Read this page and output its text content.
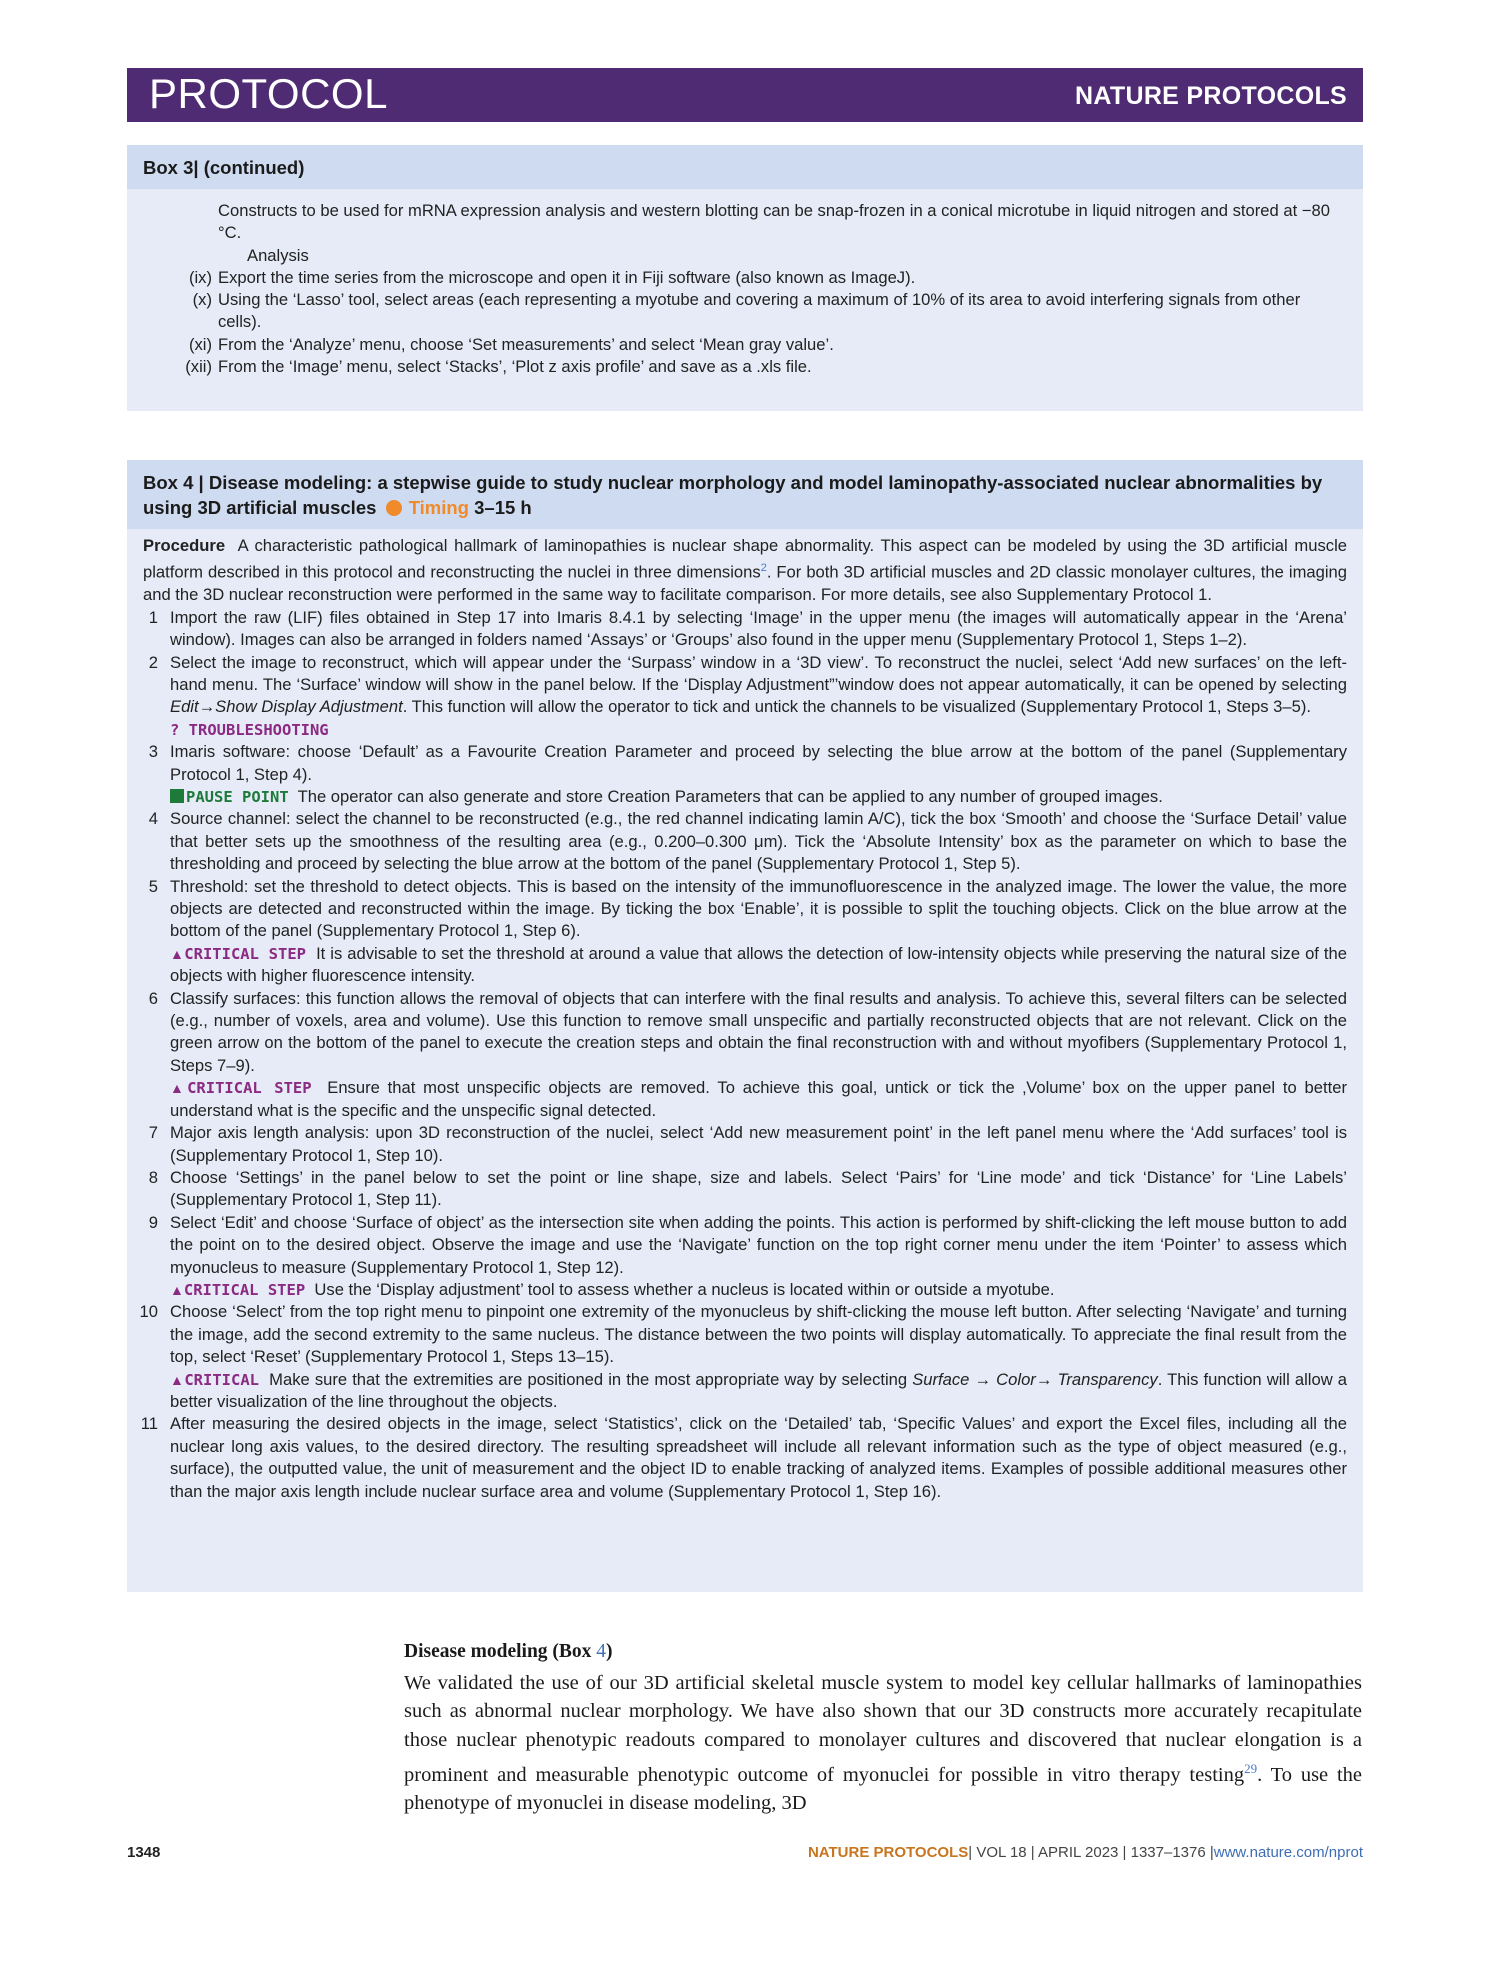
PROTOCOL	NATURE PROTOCOLS
Box 3| (continued)
Constructs to be used for mRNA expression analysis and western blotting can be snap-frozen in a conical microtube in liquid nitrogen and stored at −80 °C.
Analysis
(ix) Export the time series from the microscope and open it in Fiji software (also known as ImageJ).
(x) Using the ‘Lasso’ tool, select areas (each representing a myotube and covering a maximum of 10% of its area to avoid interfering signals from other cells).
(xi) From the ‘Analyze’ menu, choose ‘Set measurements’ and select ‘Mean gray value’.
(xii) From the ‘Image’ menu, select ‘Stacks’, ‘Plot z axis profile’ and save as a .xls file.
Box 4 | Disease modeling: a stepwise guide to study nuclear morphology and model laminopathy-associated nuclear abnormalities by using 3D artificial muscles Timing 3–15 h

Procedure A characteristic pathological hallmark of laminopathies is nuclear shape abnormality. This aspect can be modeled by using the 3D artificial muscle platform described in this protocol and reconstructing the nuclei in three dimensions$^2$. For both 3D artificial muscles and 2D classic monolayer cultures, the imaging and the 3D nuclear reconstruction were performed in the same way to facilitate comparison. For more details, see also Supplementary Protocol 1.

1 Import the raw (LIF) files obtained in Step 17 into Imaris 8.4.1 by selecting ‘Image’ in the upper menu (the images will automatically appear in the ‘Arena’ window). Images can also be arranged in folders named ‘Assays’ or ‘Groups’ also found in the upper menu (Supplementary Protocol 1, Steps 1–2).
2 Select the image to reconstruct, which will appear under the ‘Surpass’ window in a ‘3D view’. To reconstruct the nuclei, select ‘Add new surfaces’ on the left-hand menu. The ‘Surface’ window will show in the panel below. If the ‘Display Adjustment”’window does not appear automatically, it can be opened by selecting Edit→Show Display Adjustment. This function will allow the operator to tick and untick the channels to be visualized (Supplementary Protocol 1, Steps 3–5).
? TROUBLESHOOTING
3 Imaris software: choose ‘Default’ as a Favourite Creation Parameter and proceed by selecting the blue arrow at the bottom of the panel (Supplementary Protocol 1, Step 4).
PAUSE POINT The operator can also generate and store Creation Parameters that can be applied to any number of grouped images.
4 Source channel: select the channel to be reconstructed (e.g., the red channel indicating lamin A/C), tick the box ‘Smooth’ and choose the ‘Surface Detail’ value that better sets up the smoothness of the resulting area (e.g., 0.200–0.300 μm). Tick the ‘Absolute Intensity’ box as the parameter on which to base the thresholding and proceed by selecting the blue arrow at the bottom of the panel (Supplementary Protocol 1, Step 5).
5 Threshold: set the threshold to detect objects. This is based on the intensity of the immunofluorescence in the analyzed image. The lower the value, the more objects are detected and reconstructed within the image. By ticking the box ‘Enable’, it is possible to split the touching objects. Click on the blue arrow at the bottom of the panel (Supplementary Protocol 1, Step 6).
▲CRITICAL STEP It is advisable to set the threshold at around a value that allows the detection of low-intensity objects while preserving the natural size of the objects with higher fluorescence intensity.
6 Classify surfaces: this function allows the removal of objects that can interfere with the final results and analysis. To achieve this, several filters can be selected (e.g., number of voxels, area and volume). Use this function to remove small unspecific and partially reconstructed objects that are not relevant. Click on the green arrow on the bottom of the panel to execute the creation steps and obtain the final reconstruction with and without myofibers (Supplementary Protocol 1, Steps 7–9).
▲CRITICAL STEP Ensure that most unspecific objects are removed. To achieve this goal, untick or tick the ‚Volume’ box on the upper panel to better understand what is the specific and the unspecific signal detected.
7 Major axis length analysis: upon 3D reconstruction of the nuclei, select ‘Add new measurement point’ in the left panel menu where the ‘Add surfaces’ tool is (Supplementary Protocol 1, Step 10).
8 Choose ‘Settings’ in the panel below to set the point or line shape, size and labels. Select ‘Pairs’ for ‘Line mode’ and tick ‘Distance’ for ‘Line Labels’ (Supplementary Protocol 1, Step 11).
9 Select ‘Edit’ and choose ‘Surface of object’ as the intersection site when adding the points. This action is performed by shift-clicking the left mouse button to add the point on to the desired object. Observe the image and use the ‘Navigate’ function on the top right corner menu under the item ‘Pointer’ to assess which myonucleus to measure (Supplementary Protocol 1, Step 12).
▲CRITICAL STEP Use the ‘Display adjustment’ tool to assess whether a nucleus is located within or outside a myotube.
10 Choose ‘Select’ from the top right menu to pinpoint one extremity of the myonucleus by shift-clicking the mouse left button. After selecting ‘Navigate’ and turning the image, add the second extremity to the same nucleus. The distance between the two points will display automatically. To appreciate the final result from the top, select ‘Reset’ (Supplementary Protocol 1, Steps 13–15).
▲CRITICAL Make sure that the extremities are positioned in the most appropriate way by selecting Surface → Color→ Transparency. This function will allow a better visualization of the line throughout the objects.
11 After measuring the desired objects in the image, select ‘Statistics’, click on the ‘Detailed’ tab, ‘Specific Values’ and export the Excel files, including all the nuclear long axis values, to the desired directory. The resulting spreadsheet will include all relevant information such as the type of object measured (e.g., surface), the outputted value, the unit of measurement and the object ID to enable tracking of analyzed items. Examples of possible additional measures other than the major axis length include nuclear surface area and volume (Supplementary Protocol 1, Step 16).
Disease modeling (Box 4)

We validated the use of our 3D artificial skeletal muscle system to model key cellular hallmarks of laminopathies such as abnormal nuclear morphology. We have also shown that our 3D constructs more accurately recapitulate those nuclear phenotypic readouts compared to monolayer cultures and discovered that nuclear elongation is a prominent and measurable phenotypic outcome of myonuclei for possible in vitro therapy testing$^{29}$. To use the phenotype of myonuclei in disease modeling, 3D

1348	NATURE PROTOCOLS| VOL 18 | APRIL 2023 | 1337–1376 |www.nature.com/nprot
